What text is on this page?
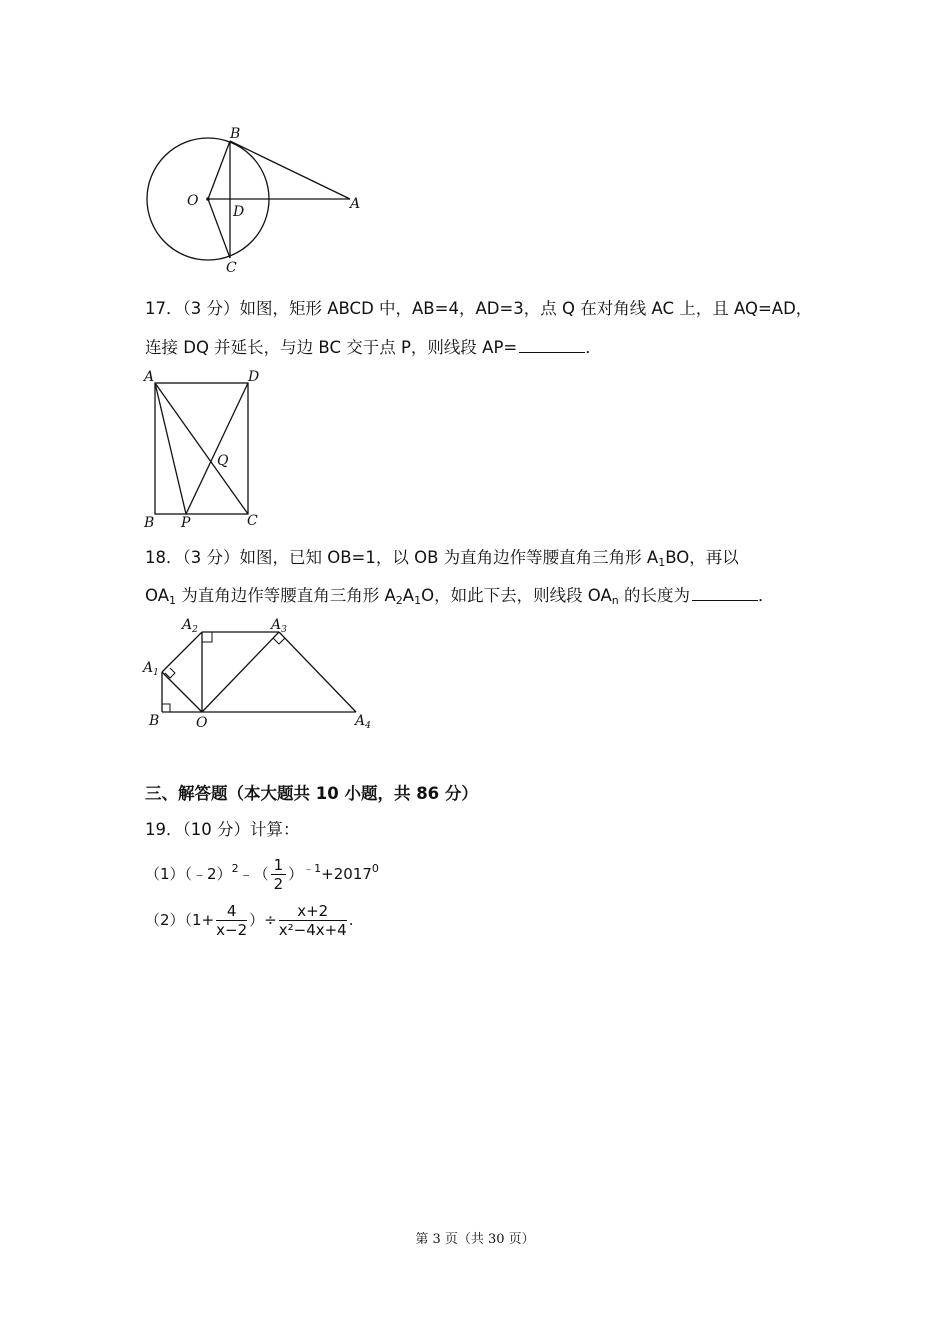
B
O
D	A
C
17．（3 分）如图，矩形 ABCD 中，AB=4，AD=3，点 Q 在对角线 AC 上，且 AQ=AD，
连接 DQ 并延长，与边 BC 交于点 P，则线段 AP=	．
A	D
Q
B P	C
18．（3 分）如图，已知 OB=1，以 OB 为直角边作等腰直角三角形 $A_1BO$，再以
$OA_1$ 为直角边作等腰直角三角形 $A_2A_1O$，如此下去，则线段 $OA_n$ 的长度为	．
$A_2$	$A_3$
$A_1$
B	O	$A_4$
三、解答题（本大题共 10 小题，共 86 分）
19．（10 分）计算：
（1）（﹣2）$^2$﹣（ $\frac{1}{2} )^{﹣1}+2017^0$
$(2)(1+ \frac{4}{x-2}$ ）÷ $\frac{x+2}{\text{x²−4x+4}}$ .
第 3 页（共 30 页）
